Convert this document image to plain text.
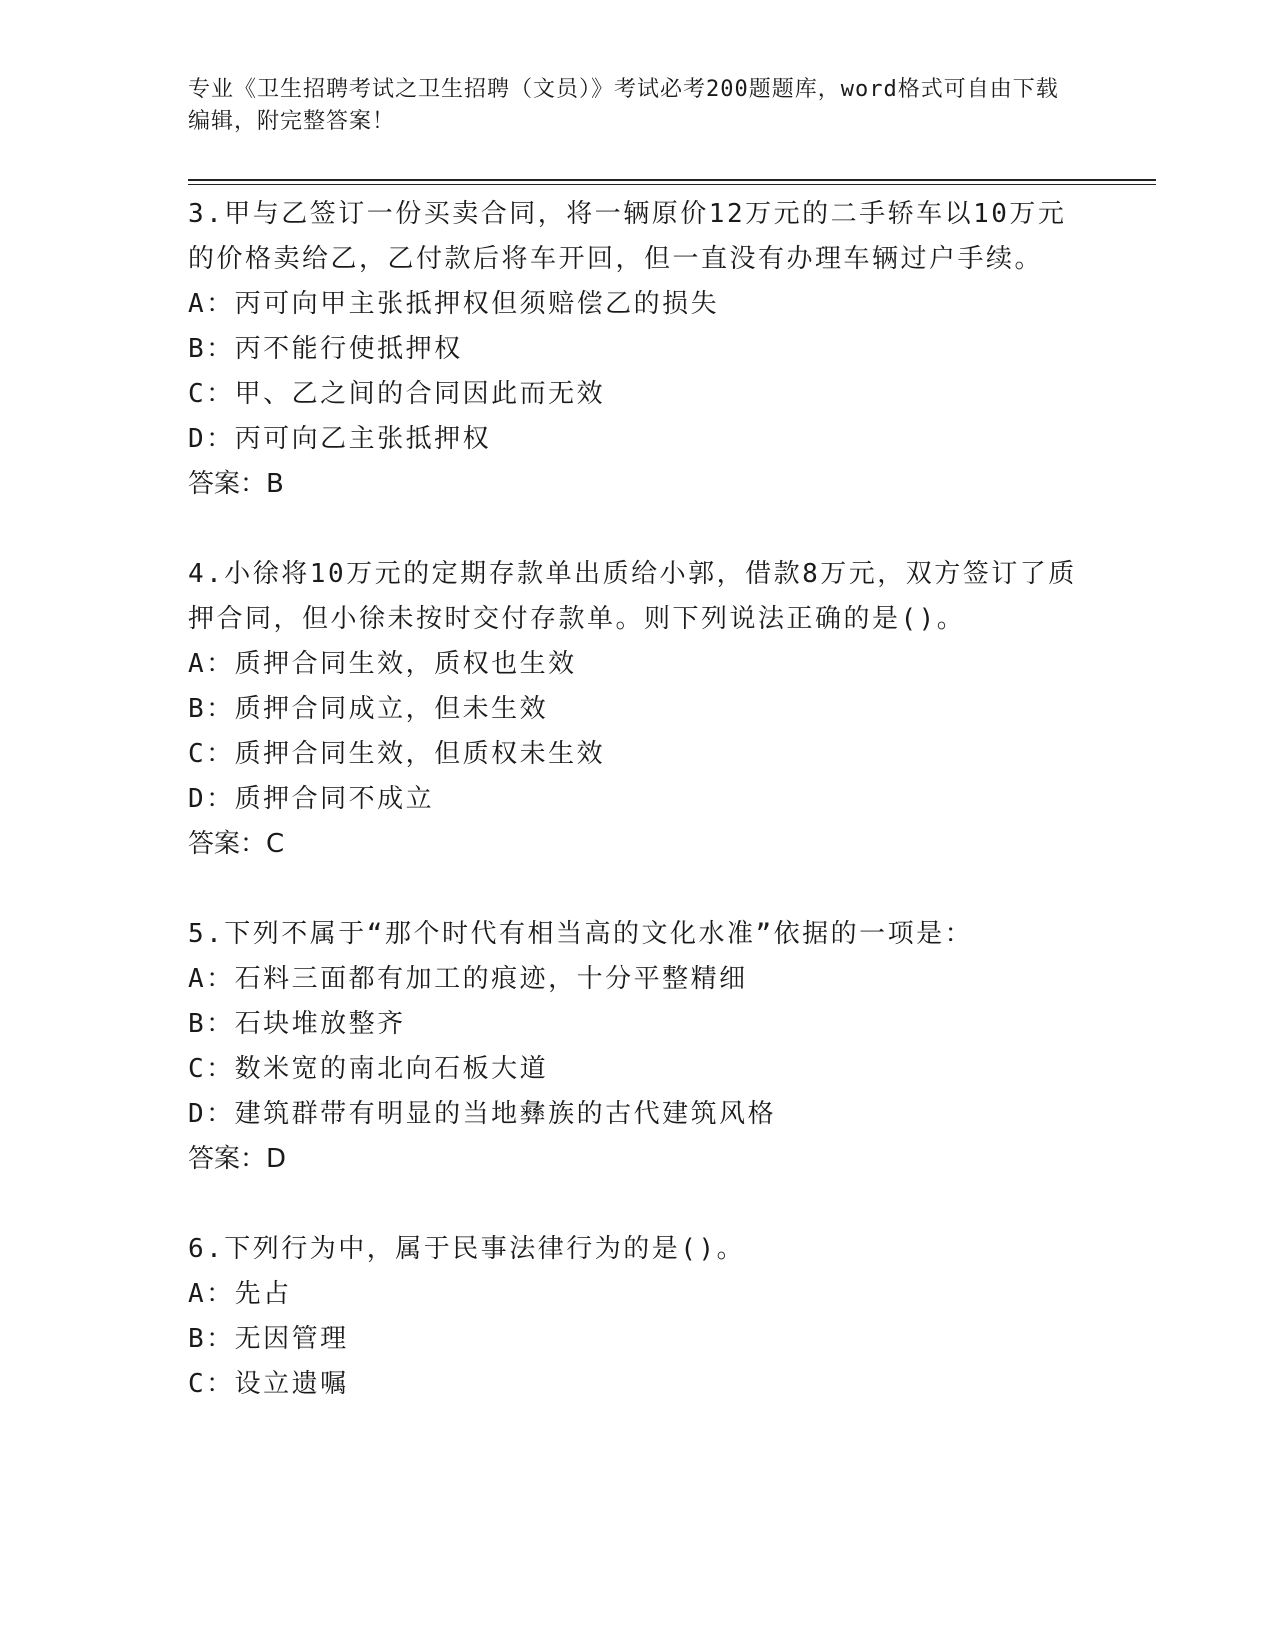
专业《卫生招聘考试之卫生招聘（文员）》考试必考200题题库，word格式可自由下载编辑，附完整答案！

3.甲与乙签订一份买卖合同，将一辆原价12万元的二手轿车以10万元的价格卖给乙，乙付款后将车开回，但一直没有办理车辆过户手续。

A：丙可向甲主张抵押权但须赔偿乙的损失

B：丙不能行使抵押权

C：甲、乙之间的合同因此而无效

D：丙可向乙主张抵押权

答案：B

4.小徐将10万元的定期存款单出质给小郭，借款8万元，双方签订了质押合同，但小徐未按时交付存款单。则下列说法正确的是()。

A：质押合同生效，质权也生效

B：质押合同成立，但未生效

C：质押合同生效，但质权未生效

D：质押合同不成立

答案：C

5.下列不属于“那个时代有相当高的文化水准”依据的一项是：

A：石料三面都有加工的痕迹，十分平整精细

B：石块堆放整齐

C：数米宽的南北向石板大道

D：建筑群带有明显的当地彝族的古代建筑风格

答案：D

6.下列行为中，属于民事法律行为的是()。

A：先占

B：无因管理

C：设立遗嘱
